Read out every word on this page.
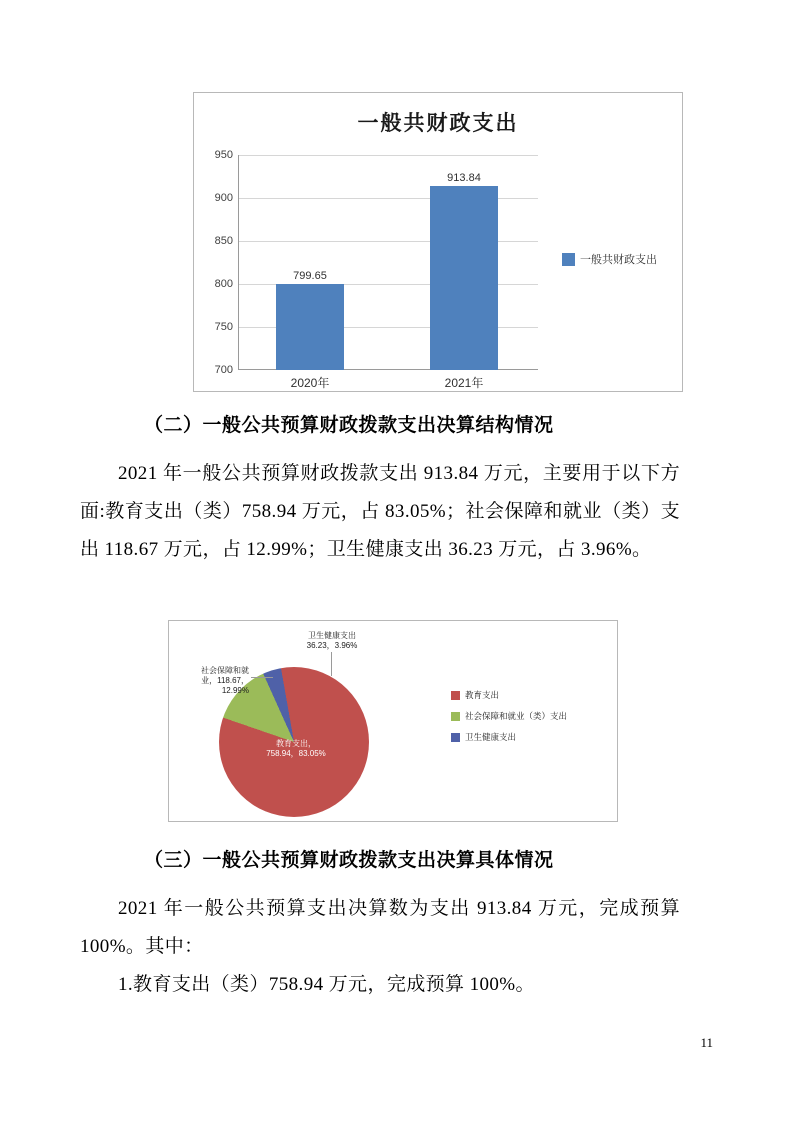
一般共财政支出
950
900
850
800
750
700
799.65
913.84
2020年	2021年
一般共财政支出
（二）一般公共预算财政拨款支出决算结构情况
2021 年一般公共预算财政拨款支出 913.84 万元，主要用于以下方面:教育支出（类）758.94 万元，占 83.05%；社会保障和就业（类）支出 118.67 万元，占 12.99%；卫生健康支出 36.23 万元，占 3.96%。
教育支出，
758.94，83.05%
卫生健康支出
36.23，3.96%
社会保障和就
业，118.67，
12.99%	教育支出
社会保障和就业（类）支出
卫生健康支出
（三）一般公共预算财政拨款支出决算具体情况
2021 年一般公共预算支出决算数为支出 913.84 万元，完成预算 100%。其中：
1.教育支出（类）758.94 万元，完成预算 100%。
11
